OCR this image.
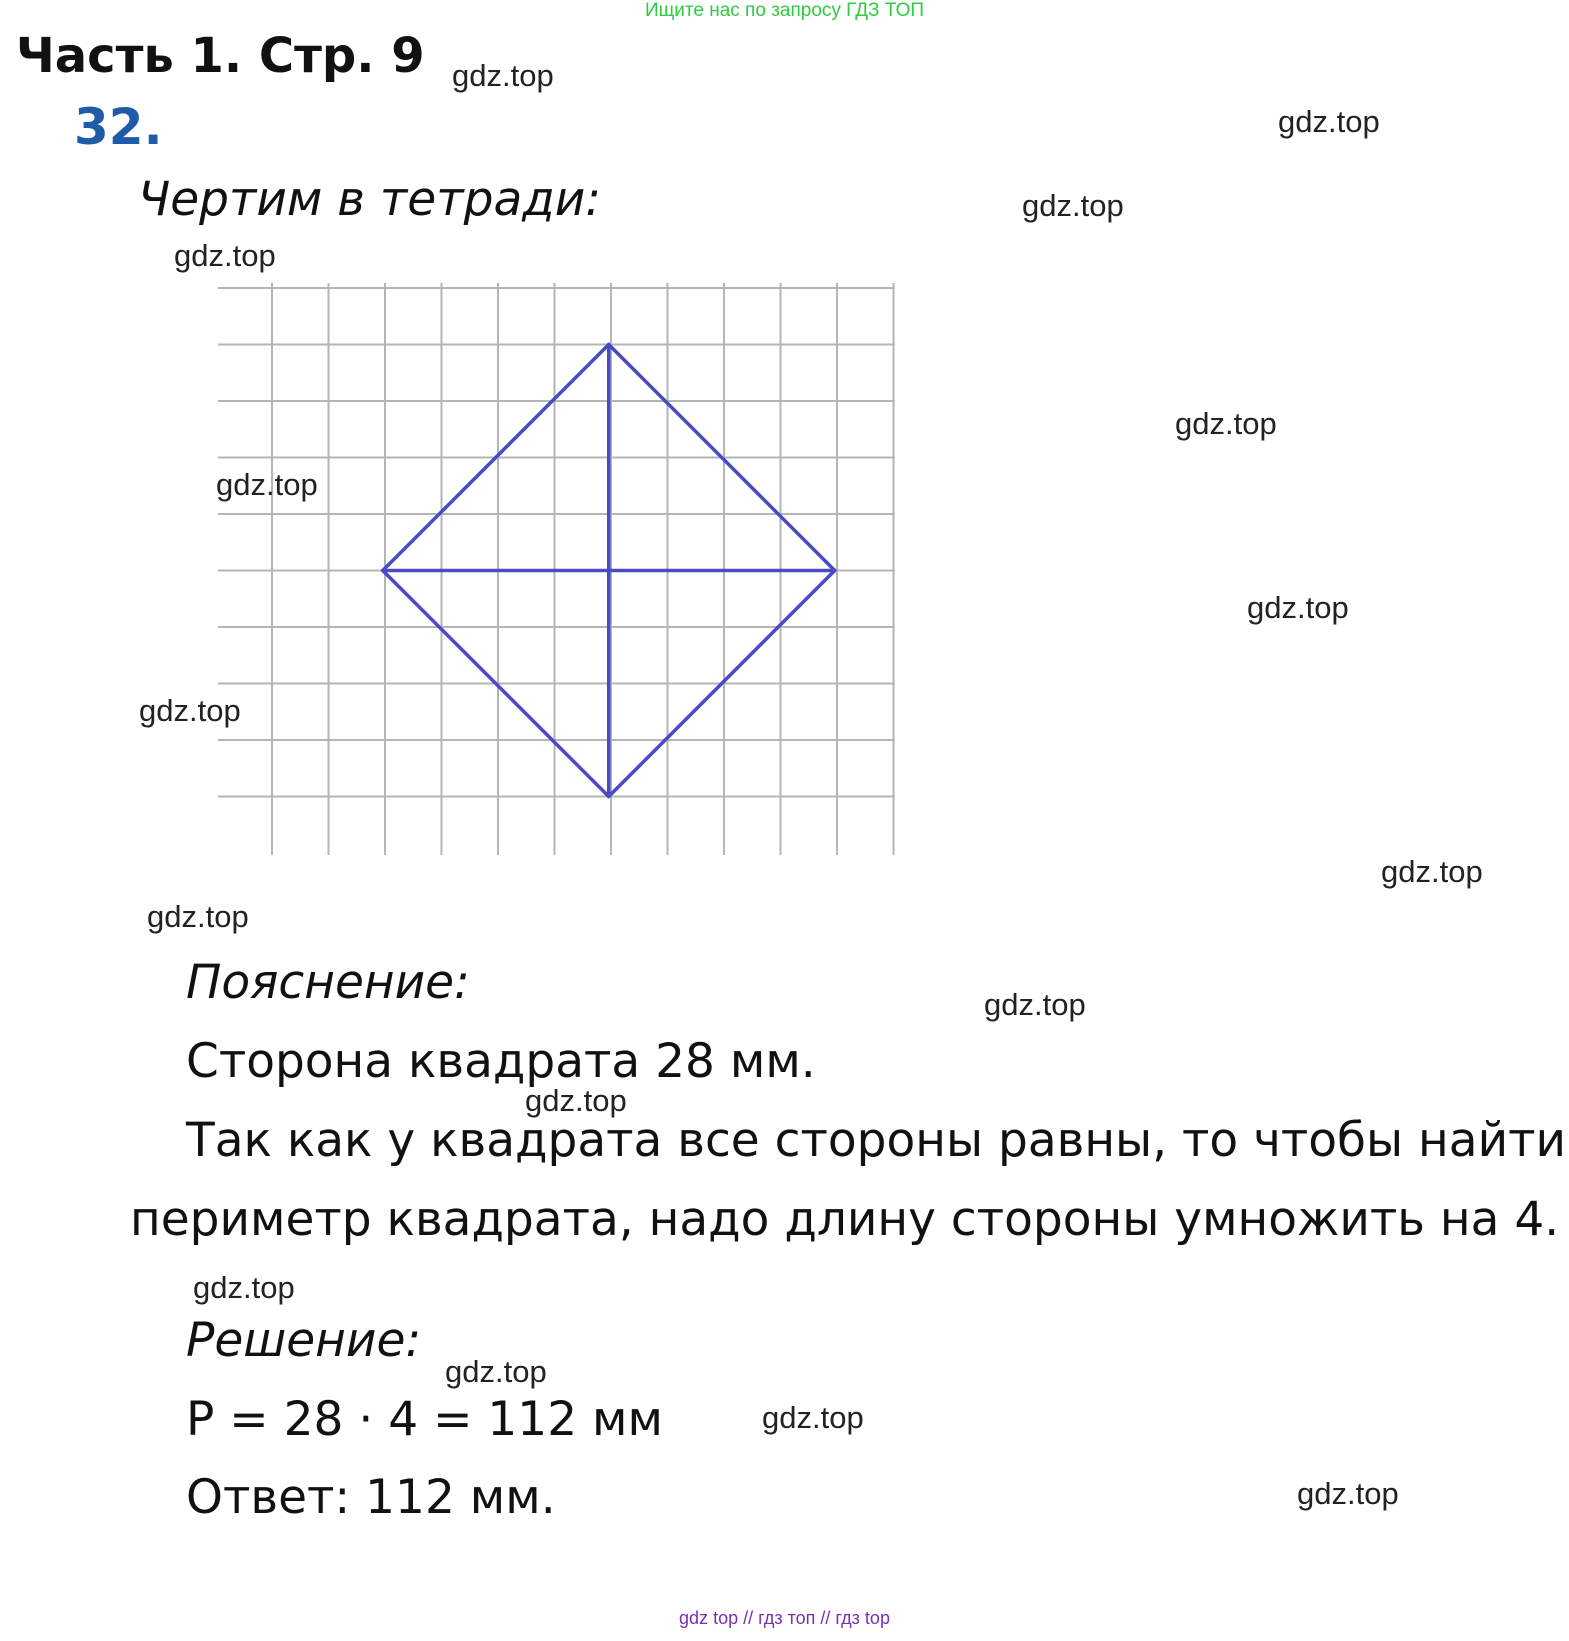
Ищите нас по запросу ГДЗ ТОП
Часть 1. Стр. 9
32.
Чертим в тетради:
Пояснение:
Сторона квадрата 28 мм.
Так как у квадрата все стороны равны, то чтобы найти
периметр квадрата, надо длину стороны умножить на 4.
Решение:
P = 28 · 4 = 112 мм
Ответ: 112 мм.
gdz.top
gdz.top
gdz.top
gdz.top
gdz.top
gdz.top
gdz.top
gdz.top
gdz.top
gdz.top
gdz.top
gdz.top
gdz.top
gdz.top
gdz.top
gdz.top
gdz top // гдз топ // гдз top
